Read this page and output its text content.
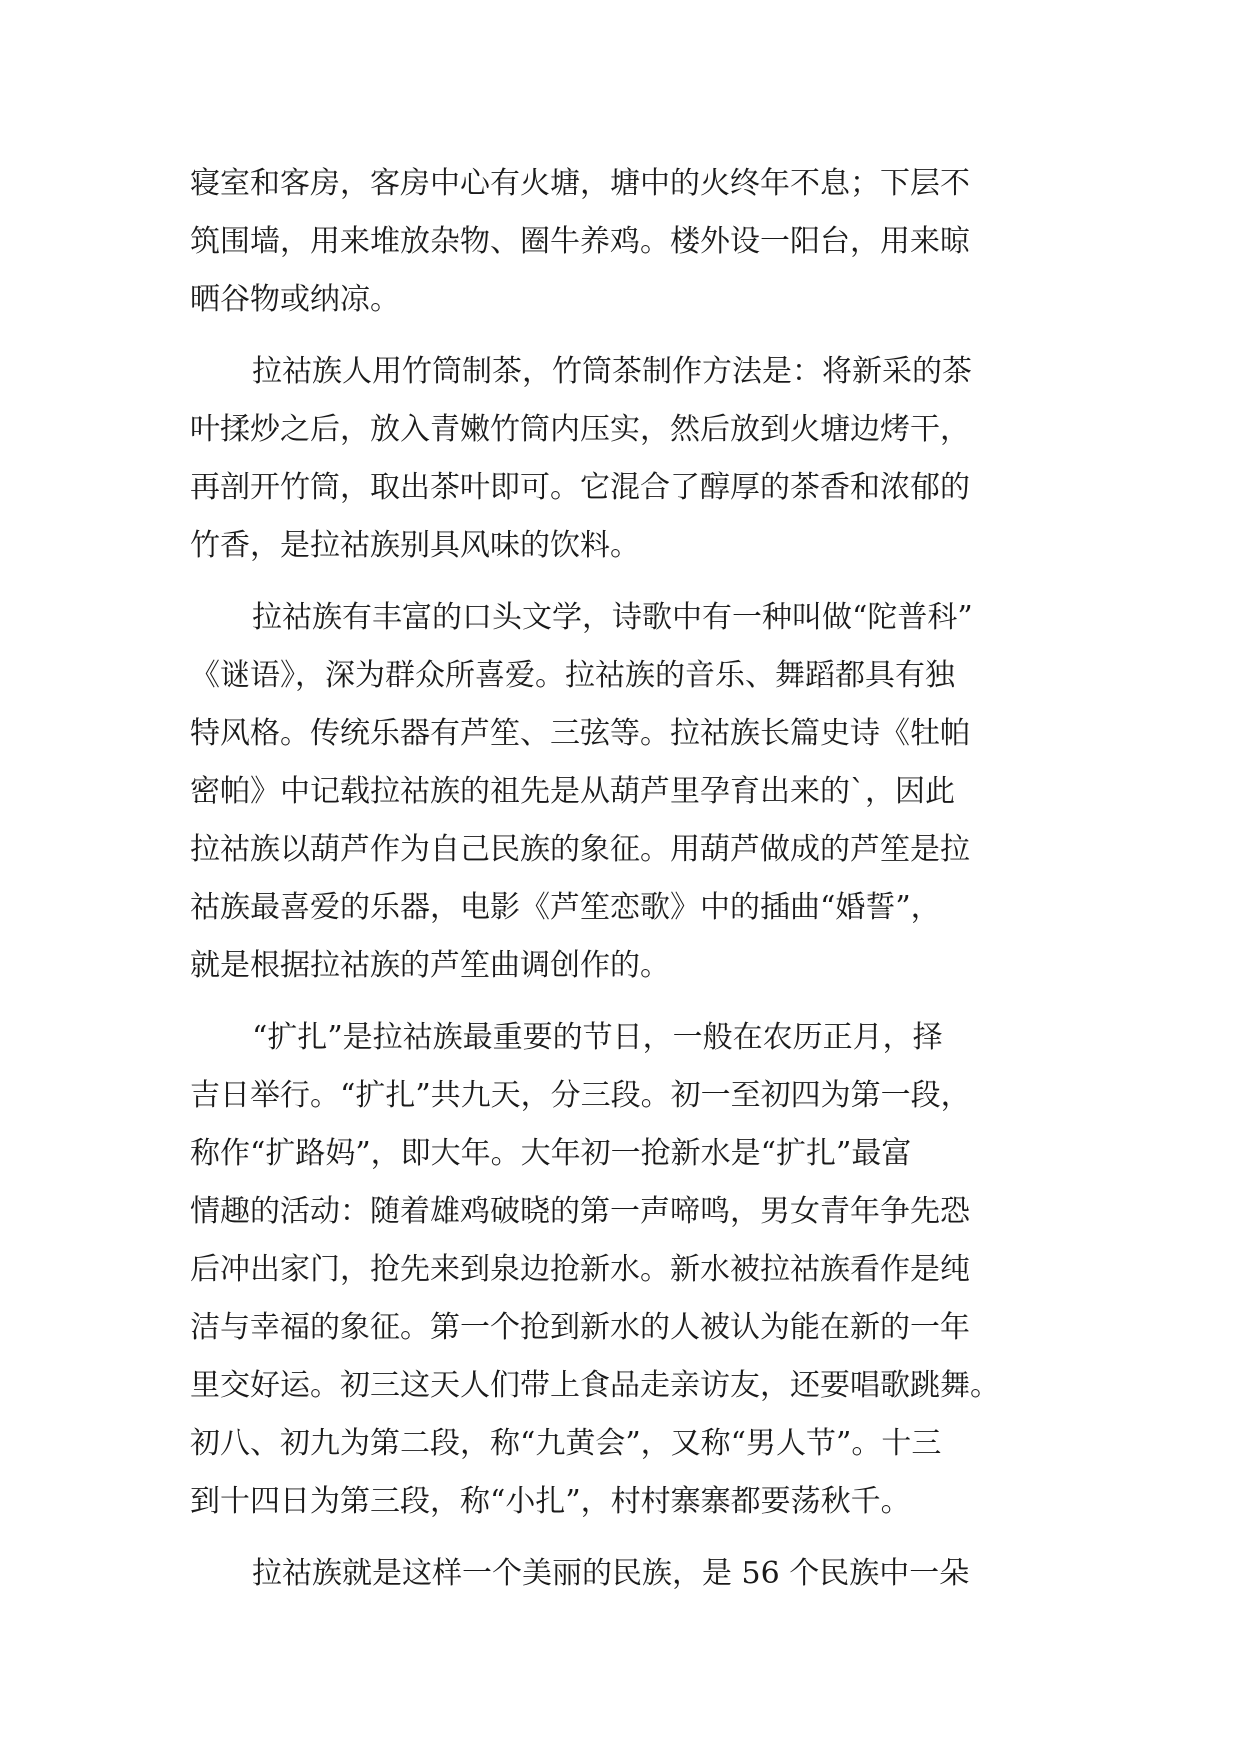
寝室和客房，客房中心有火塘，塘中的火终年不息；下层不
筑围墙，用来堆放杂物、圈牛养鸡。楼外设一阳台，用来晾
晒谷物或纳凉。
拉祜族人用竹筒制茶，竹筒茶制作方法是：将新采的茶
叶揉炒之后，放入青嫩竹筒内压实，然后放到火塘边烤干，
再剖开竹筒，取出茶叶即可。它混合了醇厚的茶香和浓郁的
竹香，是拉祜族别具风味的饮料。
拉祜族有丰富的口头文学，诗歌中有一种叫做“陀普科”
《谜语》，深为群众所喜爱。拉祜族的音乐、舞蹈都具有独
特风格。传统乐器有芦笙、三弦等。拉祜族长篇史诗《牡帕
密帕》中记载拉祜族的祖先是从葫芦里孕育出来的`，因此
拉祜族以葫芦作为自己民族的象征。用葫芦做成的芦笙是拉
祜族最喜爱的乐器，电影《芦笙恋歌》中的插曲“婚誓”，
就是根据拉祜族的芦笙曲调创作的。
“扩扎”是拉祜族最重要的节日，一般在农历正月，择
吉日举行。“扩扎”共九天，分三段。初一至初四为第一段，
称作“扩路妈”，即大年。大年初一抢新水是“扩扎”最富
情趣的活动：随着雄鸡破晓的第一声啼鸣，男女青年争先恐
后冲出家门，抢先来到泉边抢新水。新水被拉祜族看作是纯
洁与幸福的象征。第一个抢到新水的人被认为能在新的一年
里交好运。初三这天人们带上食品走亲访友，还要唱歌跳舞。
初八、初九为第二段，称“九黄会”，又称“男人节”。十三
到十四日为第三段，称“小扎”，村村寨寨都要荡秋千。
拉祜族就是这样一个美丽的民族，是 56 个民族中一朵
